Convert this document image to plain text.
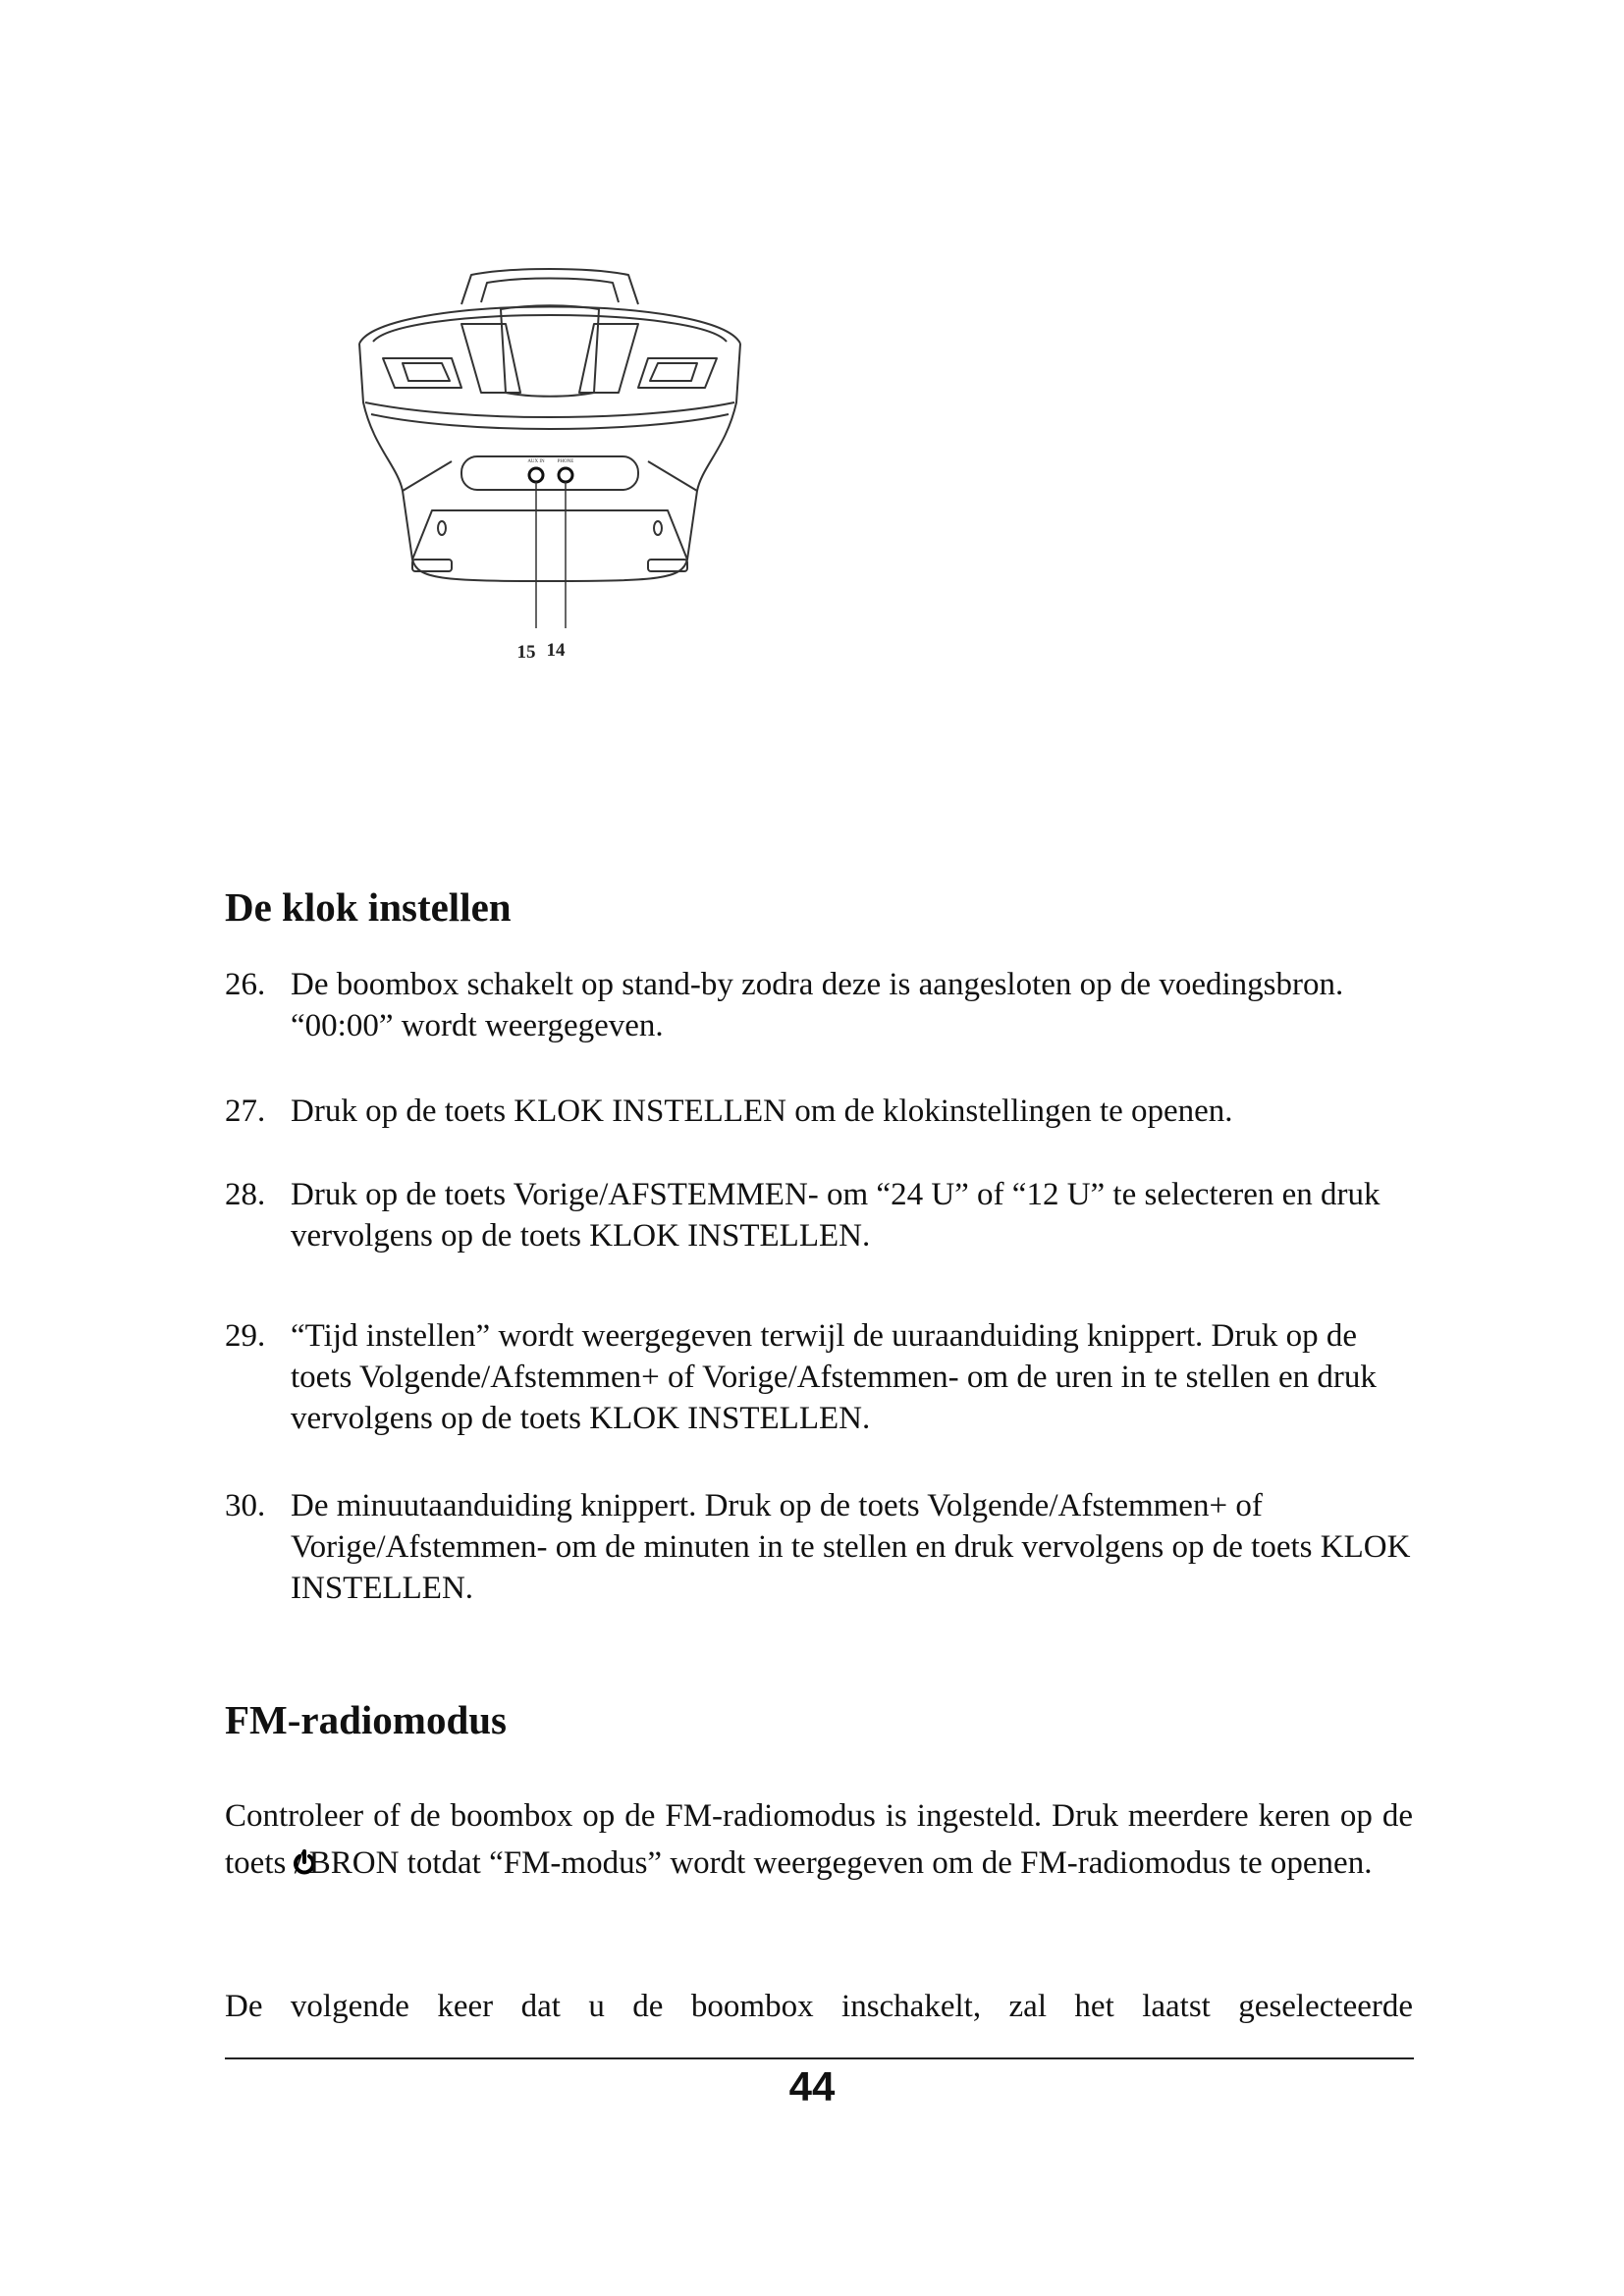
AUX IN	PHONE
15 14
De klok instellen
26. De boombox schakelt op stand-by zodra deze is aangesloten op de voedingsbron. “00:00” wordt weergegeven.
27. Druk op de toets KLOK INSTELLEN om de klokinstellingen te openen.
28. Druk op de toets Vorige/AFSTEMMEN- om “24 U” of “12 U” te selecteren en druk vervolgens op de toets KLOK INSTELLEN.
29. “Tijd instellen” wordt weergegeven terwijl de uuraanduiding knippert. Druk op de toets Volgende/Afstemmen+ of Vorige/Afstemmen- om de uren in te stellen en druk vervolgens op de toets KLOK INSTELLEN.
30. De minuutaanduiding knippert. Druk op de toets Volgende/Afstemmen+ of Vorige/Afstemmen- om de minuten in te stellen en druk vervolgens op de toets KLOK INSTELLEN.
FM-radiomodus

Controleer of de boombox op de FM-radiomodus is ingesteld. Druk meerdere keren op de toets / BRON totdat “FM-modus” wordt weergegeven om de FM-radiomodus te openen.

De volgende keer dat u de boombox inschakelt, zal het laatst geselecteerde

44
